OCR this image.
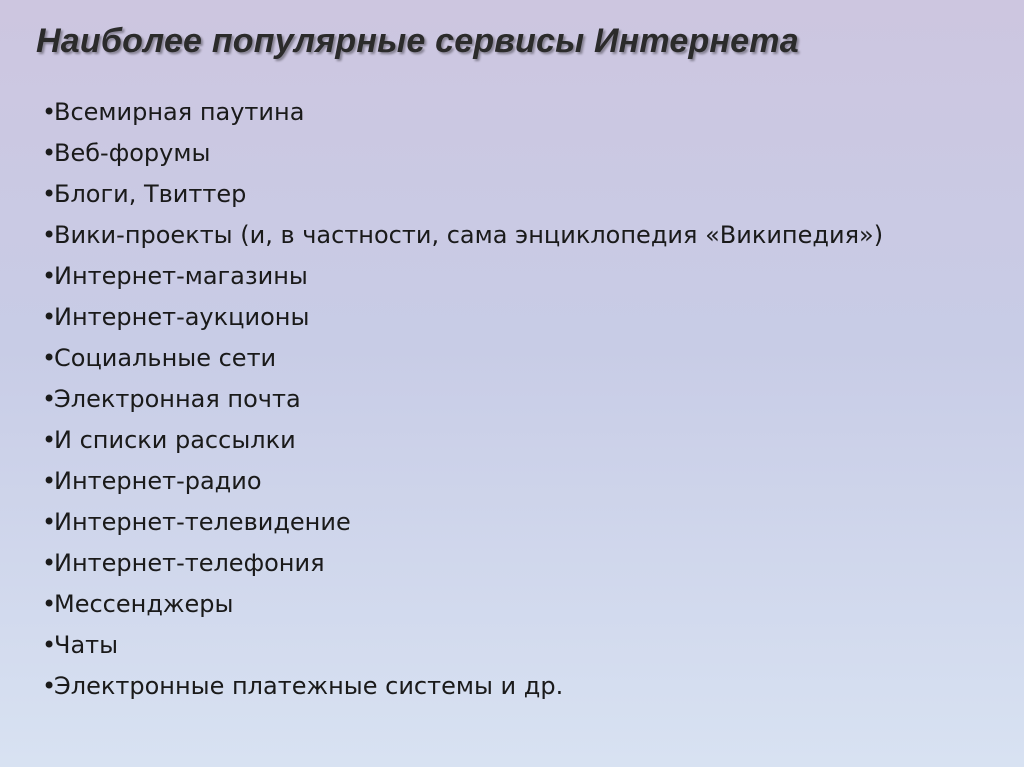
Наиболее популярные сервисы Интернета
•Всемирная паутина
•Веб-форумы
•Блоги, Твиттер
•Вики-проекты (и, в частности, сама энциклопедия «Википедия»)
•Интернет-магазины
•Интернет-аукционы
•Социальные сети
•Электронная почта
•И списки рассылки
•Интернет-радио
•Интернет-телевидение
•Интернет-телефония
•Мессенджеры
•Чаты
•Электронные платежные системы и др.
